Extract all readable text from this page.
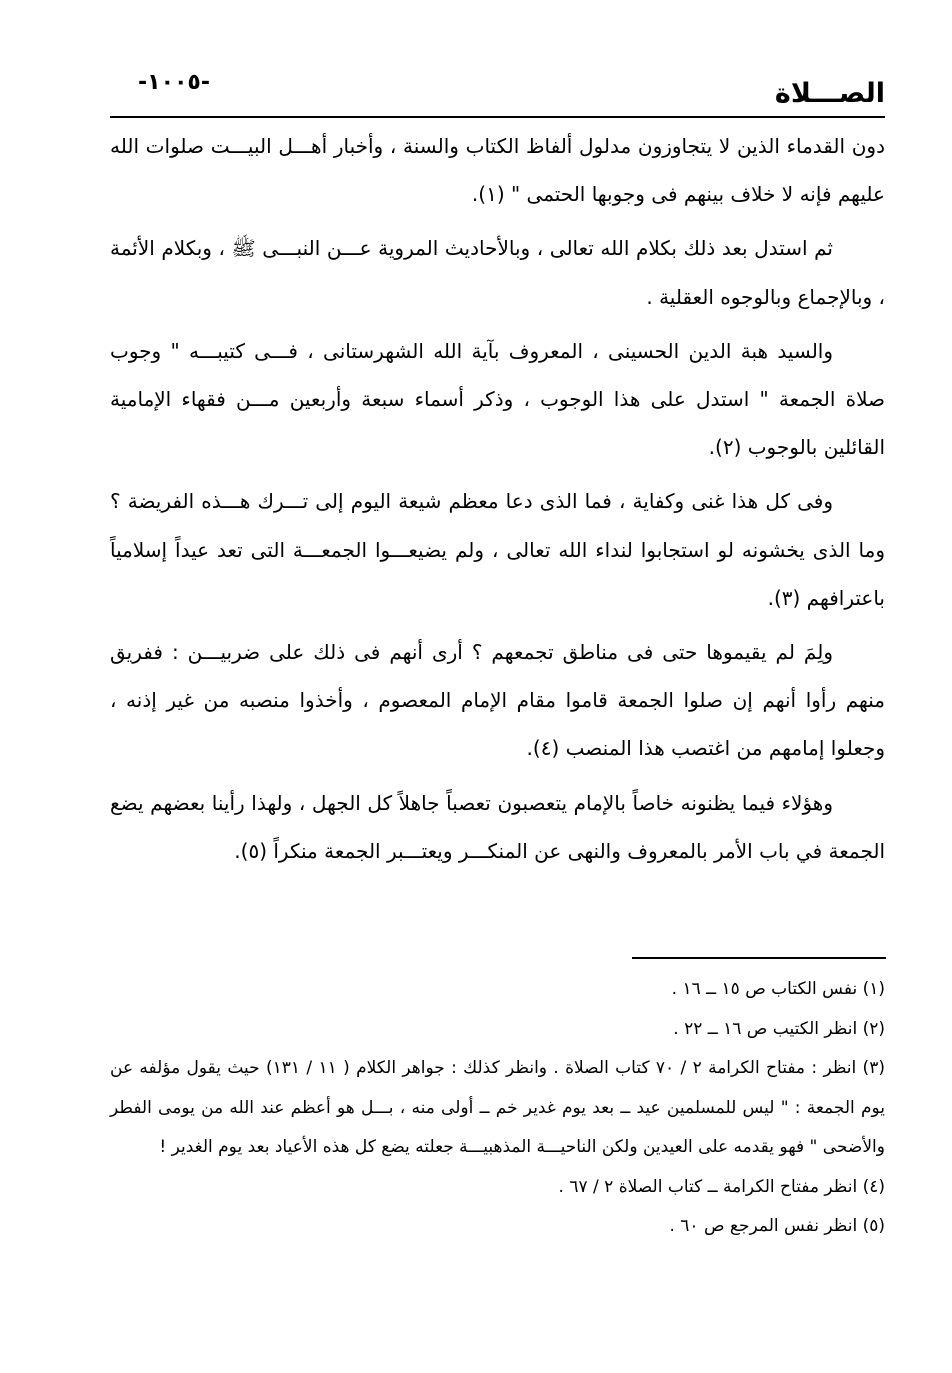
الصـــلاة
-١٠٠٥-

دون القدماء الذين لا يتجاوزون مدلول ألفاظ الكتاب والسنة ، وأخبار أهـــل البيـــت صلوات الله عليهم فإنه لا خلاف بينهم فى وجوبها الحتمى " (١).

ثم استدل بعد ذلك بكلام الله تعالى ، وبالأحاديث المروية عـــن النبـــى ﷺ ، وبكلام الأئمة ، وبالإجماع وبالوجوه العقلية .

والسيد هبة الدين الحسينى ، المعروف بآية الله الشهرستانى ، فـــى كتيبـــه " وجوب صلاة الجمعة " استدل على هذا الوجوب ، وذكر أسماء سبعة وأربعين مـــن فقهاء الإمامية القائلين بالوجوب (٢).

وفى كل هذا غنى وكفاية ، فما الذى دعا معظم شيعة اليوم إلى تـــرك هـــذه الفريضة ؟ وما الذى يخشونه لو استجابوا لنداء الله تعالى ، ولم يضيعـــوا الجمعـــة التى تعد عيداً إسلامياً باعترافهم (٣).

ولِمَ لم يقيموها حتى فى مناطق تجمعهم ؟ أرى أنهم فى ذلك على ضربيـــن : ففريق منهم رأوا أنهم إن صلوا الجمعة قاموا مقام الإمام المعصوم ، وأخذوا منصبه من غير إذنه ، وجعلوا إمامهم من اغتصب هذا المنصب (٤).

وهؤلاء فيما يظنونه خاصاً بالإمام يتعصبون تعصباً جاهلاً كل الجهل ، ولهذا رأينا بعضهم يضع الجمعة في باب الأمر بالمعروف والنهى عن المنكـــر ويعتـــبر الجمعة منكراً (٥).

(١) نفس الكتاب ص ١٥ ــ ١٦ .

(٢) انظر الكتيب ص ١٦ ــ ٢٢ .

(٣) انظر : مفتاح الكرامة ٢ / ٧٠ كتاب الصلاة . وانظر كذلك : جواهر الكلام ( ١١ / ١٣١) حيث يقول مؤلفه عن يوم الجمعة : " ليس للمسلمين عيد ــ بعد يوم غدير خم ــ أولى منه ، بـــل هو أعظم عند الله من يومى الفطر والأضحى " فهو يقدمه على العيدين ولكن الناحيـــة المذهبيـــة جعلته يضع كل هذه الأعياد بعد يوم الغدير !

(٤) انظر مفتاح الكرامة ــ كتاب الصلاة ٢ / ٦٧ .

(٥) انظر نفس المرجع ص ٦٠ .
